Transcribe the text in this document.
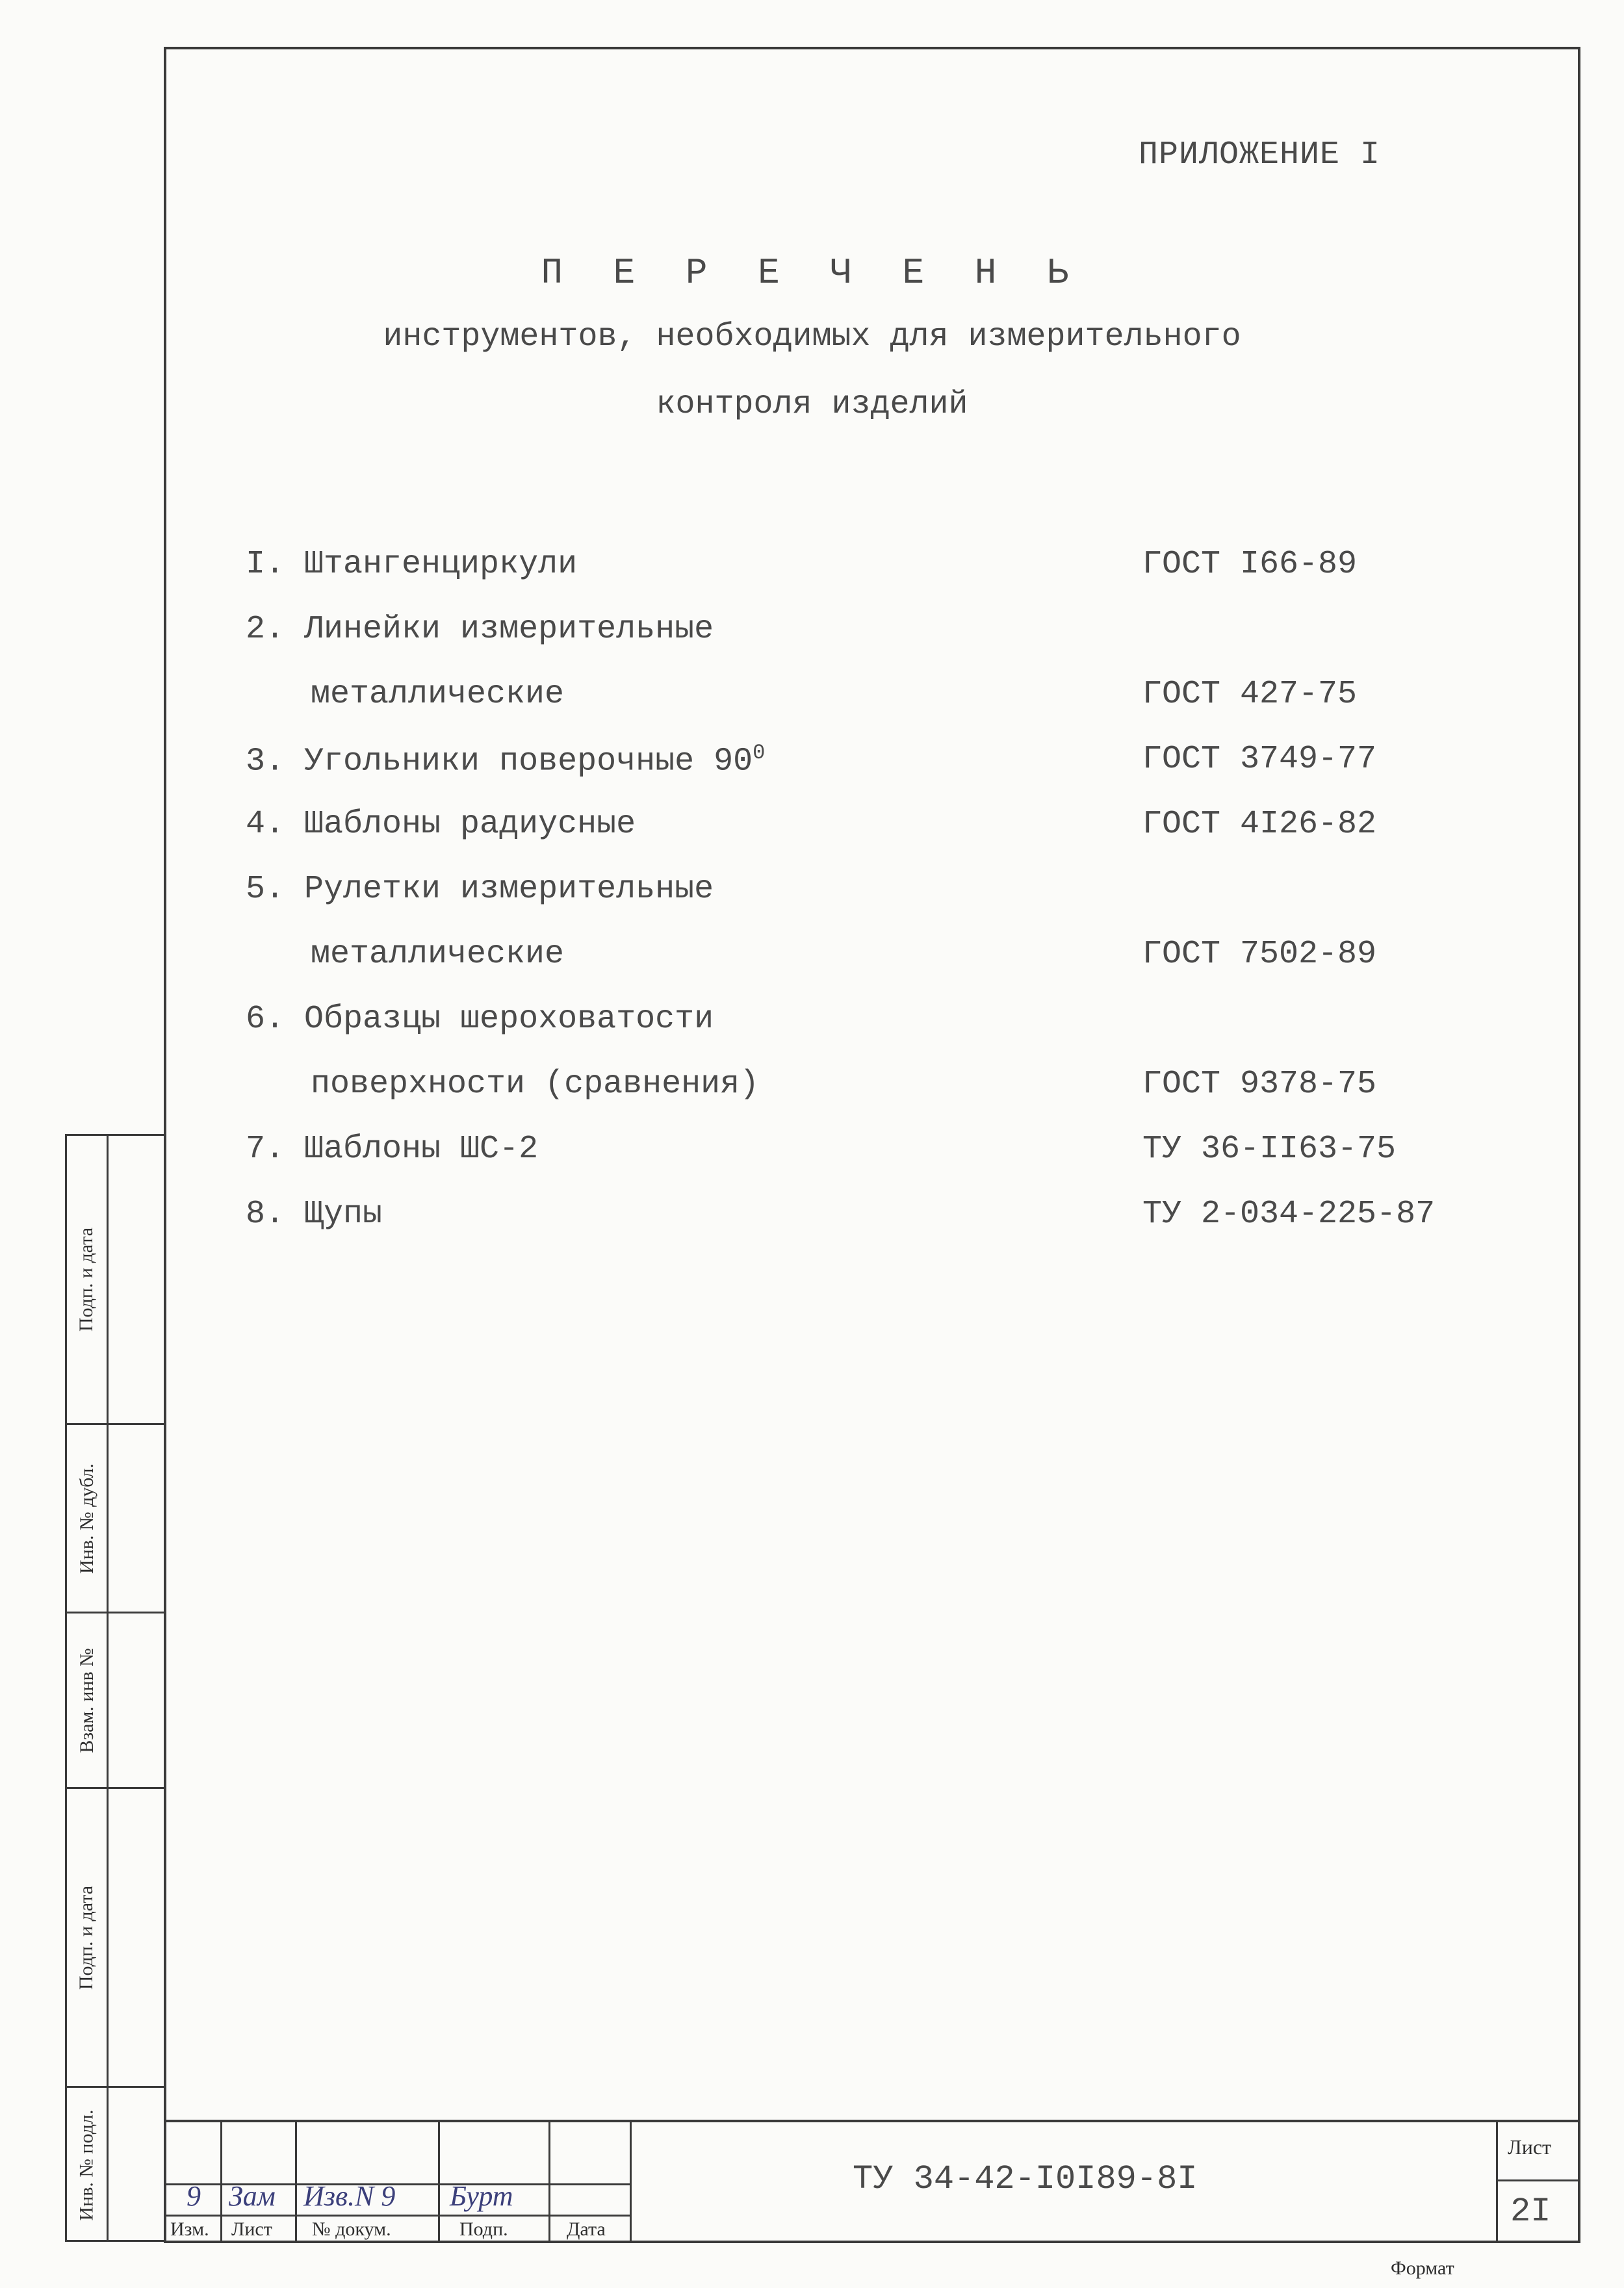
ПРИЛОЖЕНИЕ I
П Е Р Е Ч Е Н Ь
инструментов, необходимых для измерительного
контроля изделий
I. Штангенциркули	ГОСТ I66-89
2. Линейки измерительные
металлические	ГОСТ 427-75
3. Угольники поверочные $90^0$	ГОСТ 3749-77
4. Шаблоны радиусные	ГОСТ 4I26-82
5. Рулетки измерительные
металлические	ГОСТ 7502-89
6. Образцы шероховатости
поверхности (сравнения)	ГОСТ 9378-75
7. Шаблоны ШС-2	ТУ 36-II63-75
8. Щупы	ТУ 2-034-225-87
Подп. и дата
Инв. № дубл.
Взам. инв №
Подп. и дата
Инв. № подл.
Изм. Лист № докум.	Подп.	Дата
9 Зам Изв.N 9 Бурт	ТУ 34-42-I0I89-8I
Лист
2I
Формат
